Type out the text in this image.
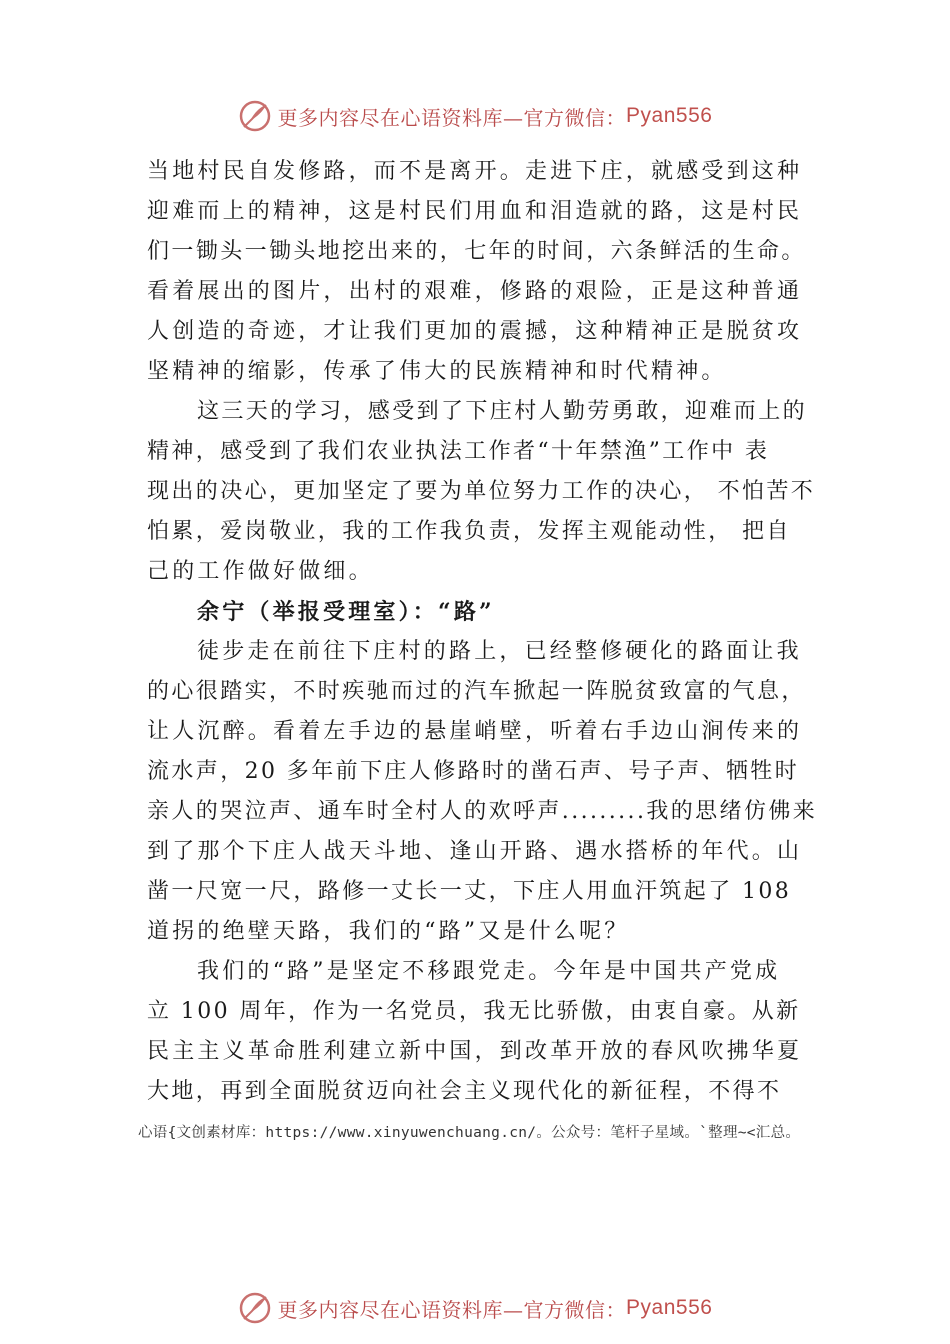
更多内容尽在心语资料库—官方微信： Pyan556
当地村民自发修路，而不是离开。走进下庄，就感受到这种
迎难而上的精神，这是村民们用血和泪造就的路，这是村民
们一锄头一锄头地挖出来的，七年的时间，六条鲜活的生命。
看着展出的图片，出村的艰难，修路的艰险，正是这种普通
人创造的奇迹，才让我们更加的震撼，这种精神正是脱贫攻
坚精神的缩影，传承了伟大的民族精神和时代精神。
这三天的学习，感受到了下庄村人勤劳勇敢，迎难而上的
精神，感受到了我们农业执法工作者“十年禁渔”工作中 表
现出的决心，更加坚定了要为单位努力工作的决心， 不怕苦不
怕累，爱岗敬业，我的工作我负责，发挥主观能动性， 把自
己的工作做好做细。
余宁（举报受理室）：“路”
徒步走在前往下庄村的路上，已经整修硬化的路面让我
的心很踏实，不时疾驰而过的汽车掀起一阵脱贫致富的气息，
让人沉醉。看着左手边的悬崖峭壁，听着右手边山涧传来的
流水声，20 多年前下庄人修路时的凿石声、号子声、牺牲时
亲人的哭泣声、通车时全村人的欢呼声.........我的思绪仿佛来
到了那个下庄人战天斗地、逢山开路、遇水搭桥的年代。山
凿一尺宽一尺，路修一丈长一丈，下庄人用血汗筑起了 108
道拐的绝壁天路，我们的“路”又是什么呢？
我们的“路”是坚定不移跟党走。今年是中国共产党成
立 100 周年，作为一名党员，我无比骄傲，由衷自豪。从新
民主主义革命胜利建立新中国，到改革开放的春风吹拂华夏
大地，再到全面脱贫迈向社会主义现代化的新征程，不得不
心语{文创素材库：https://www.xinyuwenchuang.cn/。公众号：笔杆子星域。`整理~<汇总。
更多内容尽在心语资料库—官方微信： Pyan556
